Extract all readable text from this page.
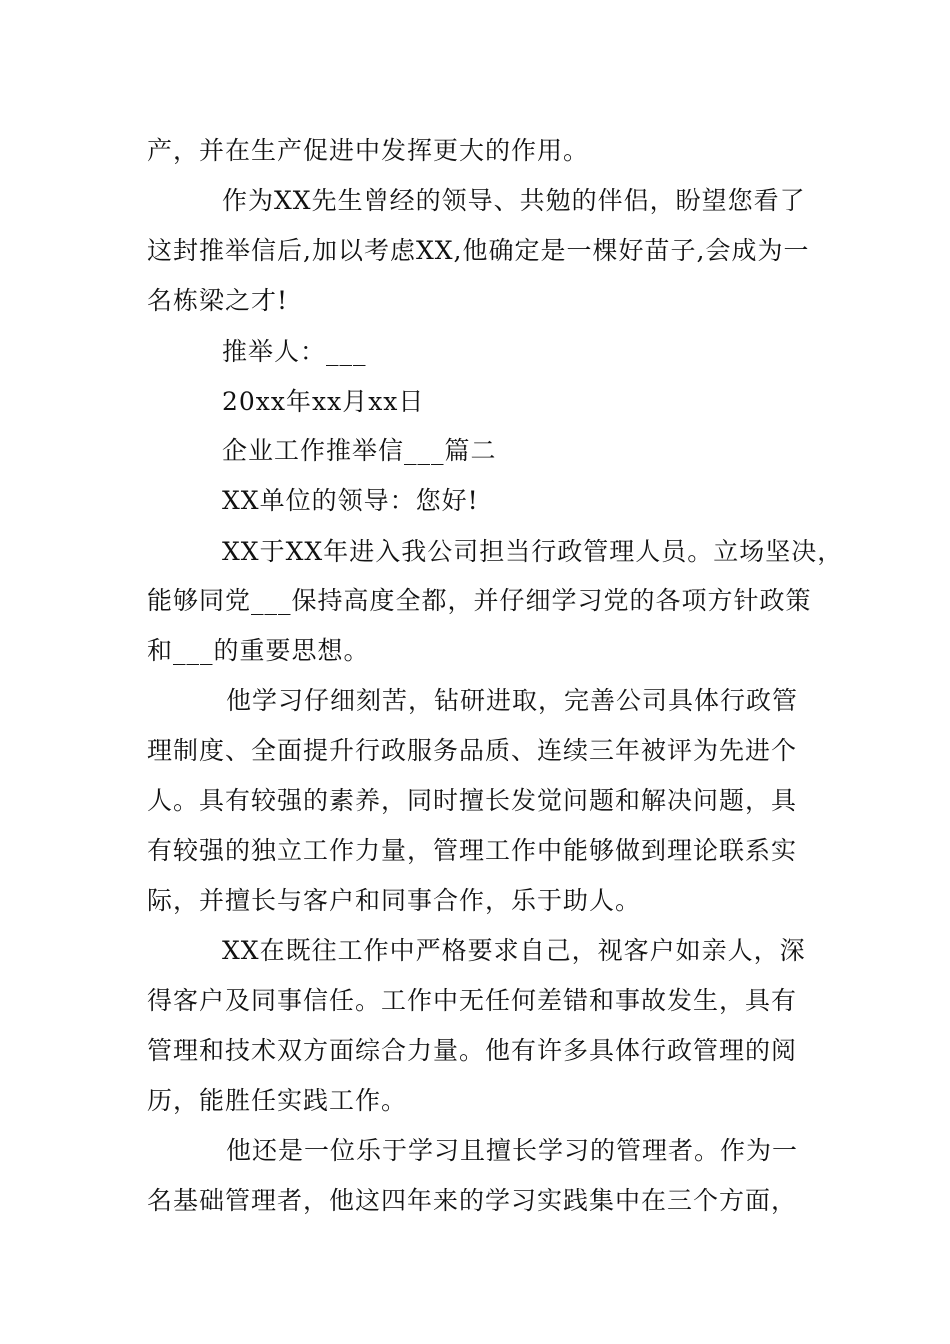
产，并在生产促进中发挥更大的作用。
作为XX先生曾经的领导、共勉的伴侣，盼望您看了
这封推举信后,加以考虑XX,他确定是一棵好苗子,会成为一
名栋梁之才!
推举人：___
20xx年xx月xx日
企业工作推举信___篇二
XX单位的领导：您好!
XX于XX年进入我公司担当行政管理人员。立场坚决，
能够同党___保持高度全都，并仔细学习党的各项方针政策
和___的重要思想。
他学习仔细刻苦，钻研进取，完善公司具体行政管
理制度、全面提升行政服务品质、连续三年被评为先进个
人。具有较强的素养，同时擅长发觉问题和解决问题，具
有较强的独立工作力量，管理工作中能够做到理论联系实
际，并擅长与客户和同事合作，乐于助人。
XX在既往工作中严格要求自己，视客户如亲人，深
得客户及同事信任。工作中无任何差错和事故发生，具有
管理和技术双方面综合力量。他有许多具体行政管理的阅
历，能胜任实践工作。
他还是一位乐于学习且擅长学习的管理者。作为一
名基础管理者，他这四年来的学习实践集中在三个方面，
